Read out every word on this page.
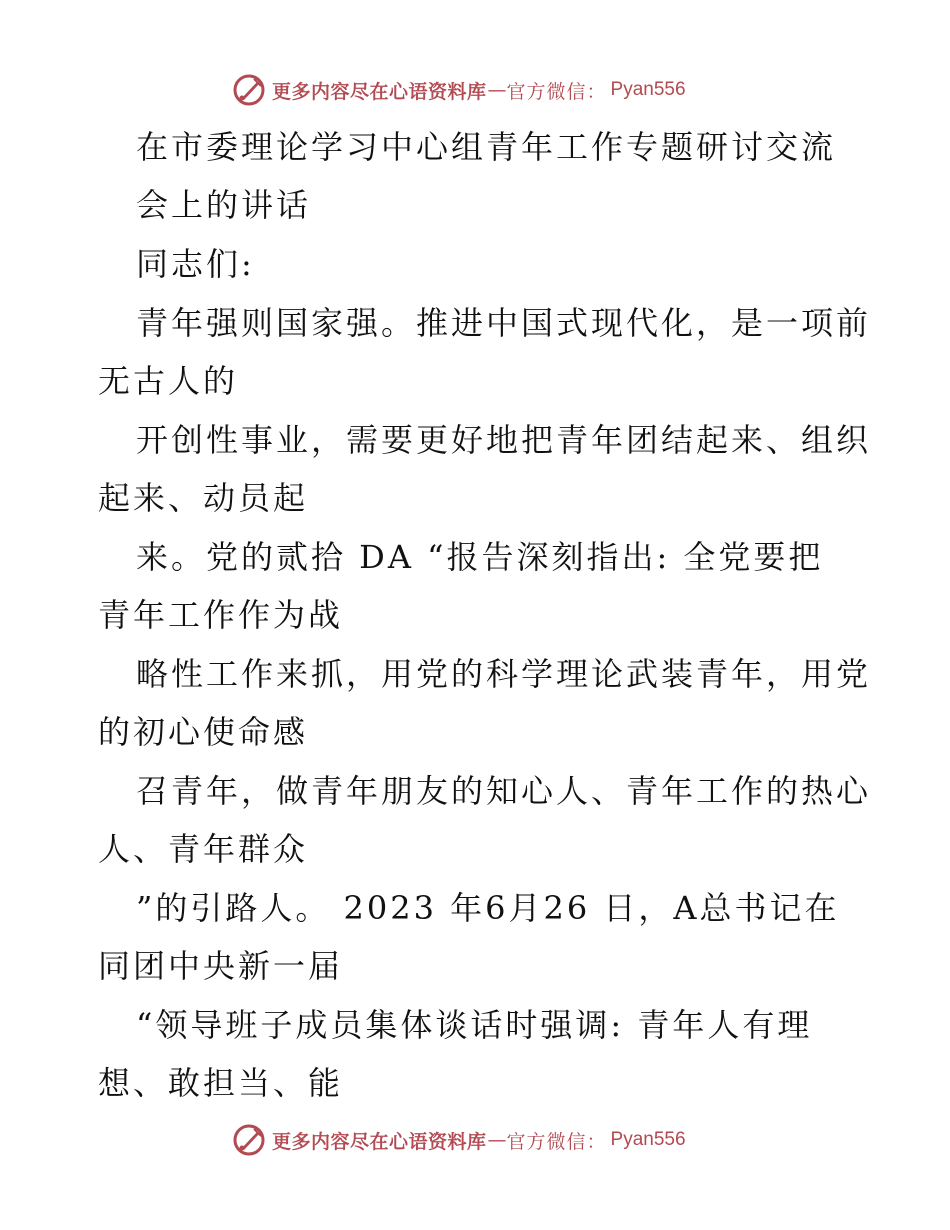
更多内容尽在心语资料库 — 官方微信： Pyan556
在市委理论学习中心组青年工作专题研讨交流
会上的讲话
同志们:
青年强则国家强。推进中国式现代化，是一项前
无古人的
开创性事业，需要更好地把青年团结起来、组织
起来、动员起
来。党的贰拾 DA “报告深刻指出: 全党要把
青年工作作为战
略性工作来抓，用党的科学理论武装青年，用党
的初心使命感
召青年，做青年朋友的知心人、青年工作的热心
人、青年群众
”的引路人。 2023 年6月26 日，A总书记在
同团中央新一届
“领导班子成员集体谈话时强调: 青年人有理
想、敢担当、能
更多内容尽在心语资料库 — 官方微信： Pyan556
